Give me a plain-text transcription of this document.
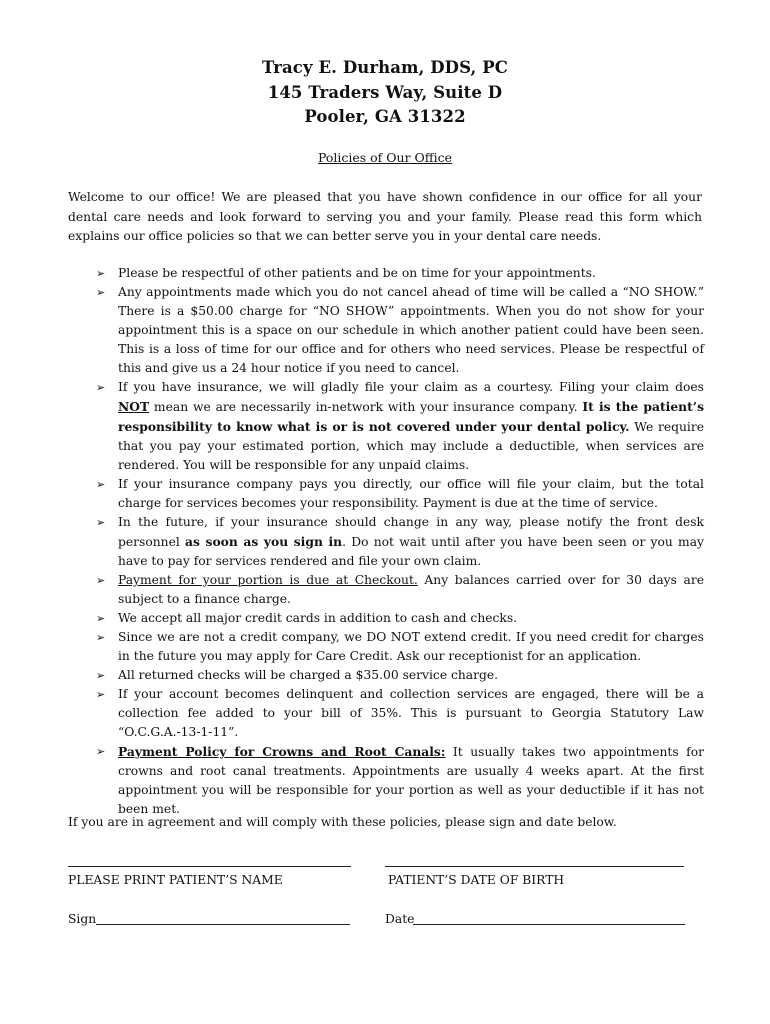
Tracy E. Durham, DDS, PC
145 Traders Way, Suite D
Pooler, GA 31322
Policies of Our Office

Welcome to our office! We are pleased that you have shown confidence in our office for all your dental care needs and look forward to serving you and your family. Please read this form which explains our office policies so that we can better serve you in your dental care needs.

➢ Please be respectful of other patients and be on time for your appointments.
➢ Any appointments made which you do not cancel ahead of time will be called a “NO SHOW.” There is a $50.00 charge for “NO SHOW” appointments. When you do not show for your appointment this is a space on our schedule in which another patient could have been seen. This is a loss of time for our office and for others who need services. Please be respectful of this and give us a 24 hour notice if you need to cancel.
➢ If you have insurance, we will gladly file your claim as a courtesy. Filing your claim does NOT mean we are necessarily in-network with your insurance company. It is the patient’s responsibility to know what is or is not covered under your dental policy. We require that you pay your estimated portion, which may include a deductible, when services are rendered. You will be responsible for any unpaid claims.
➢ If your insurance company pays you directly, our office will file your claim, but the total charge for services becomes your responsibility. Payment is due at the time of service.
➢ In the future, if your insurance should change in any way, please notify the front desk personnel as soon as you sign in. Do not wait until after you have been seen or you may have to pay for services rendered and file your own claim.
➢ Payment for your portion is due at Checkout. Any balances carried over for 30 days are subject to a finance charge.
➢ We accept all major credit cards in addition to cash and checks.
➢ Since we are not a credit company, we DO NOT extend credit. If you need credit for charges in the future you may apply for Care Credit. Ask our receptionist for an application.
➢ All returned checks will be charged a $35.00 service charge.
➢ If your account becomes delinquent and collection services are engaged, there will be a collection fee added to your bill of 35%. This is pursuant to Georgia Statutory Law “O.C.G.A.-13-1-11”.
➢ Payment Policy for Crowns and Root Canals: It usually takes two appointments for crowns and root canal treatments. Appointments are usually 4 weeks apart. At the first appointment you will be responsible for your portion as well as your deductible if it has not been met.

If you are in agreement and will comply with these policies, please sign and date below.

PLEASE PRINT PATIENT’S NAME	PATIENT’S DATE OF BIRTH
Sign	Date
